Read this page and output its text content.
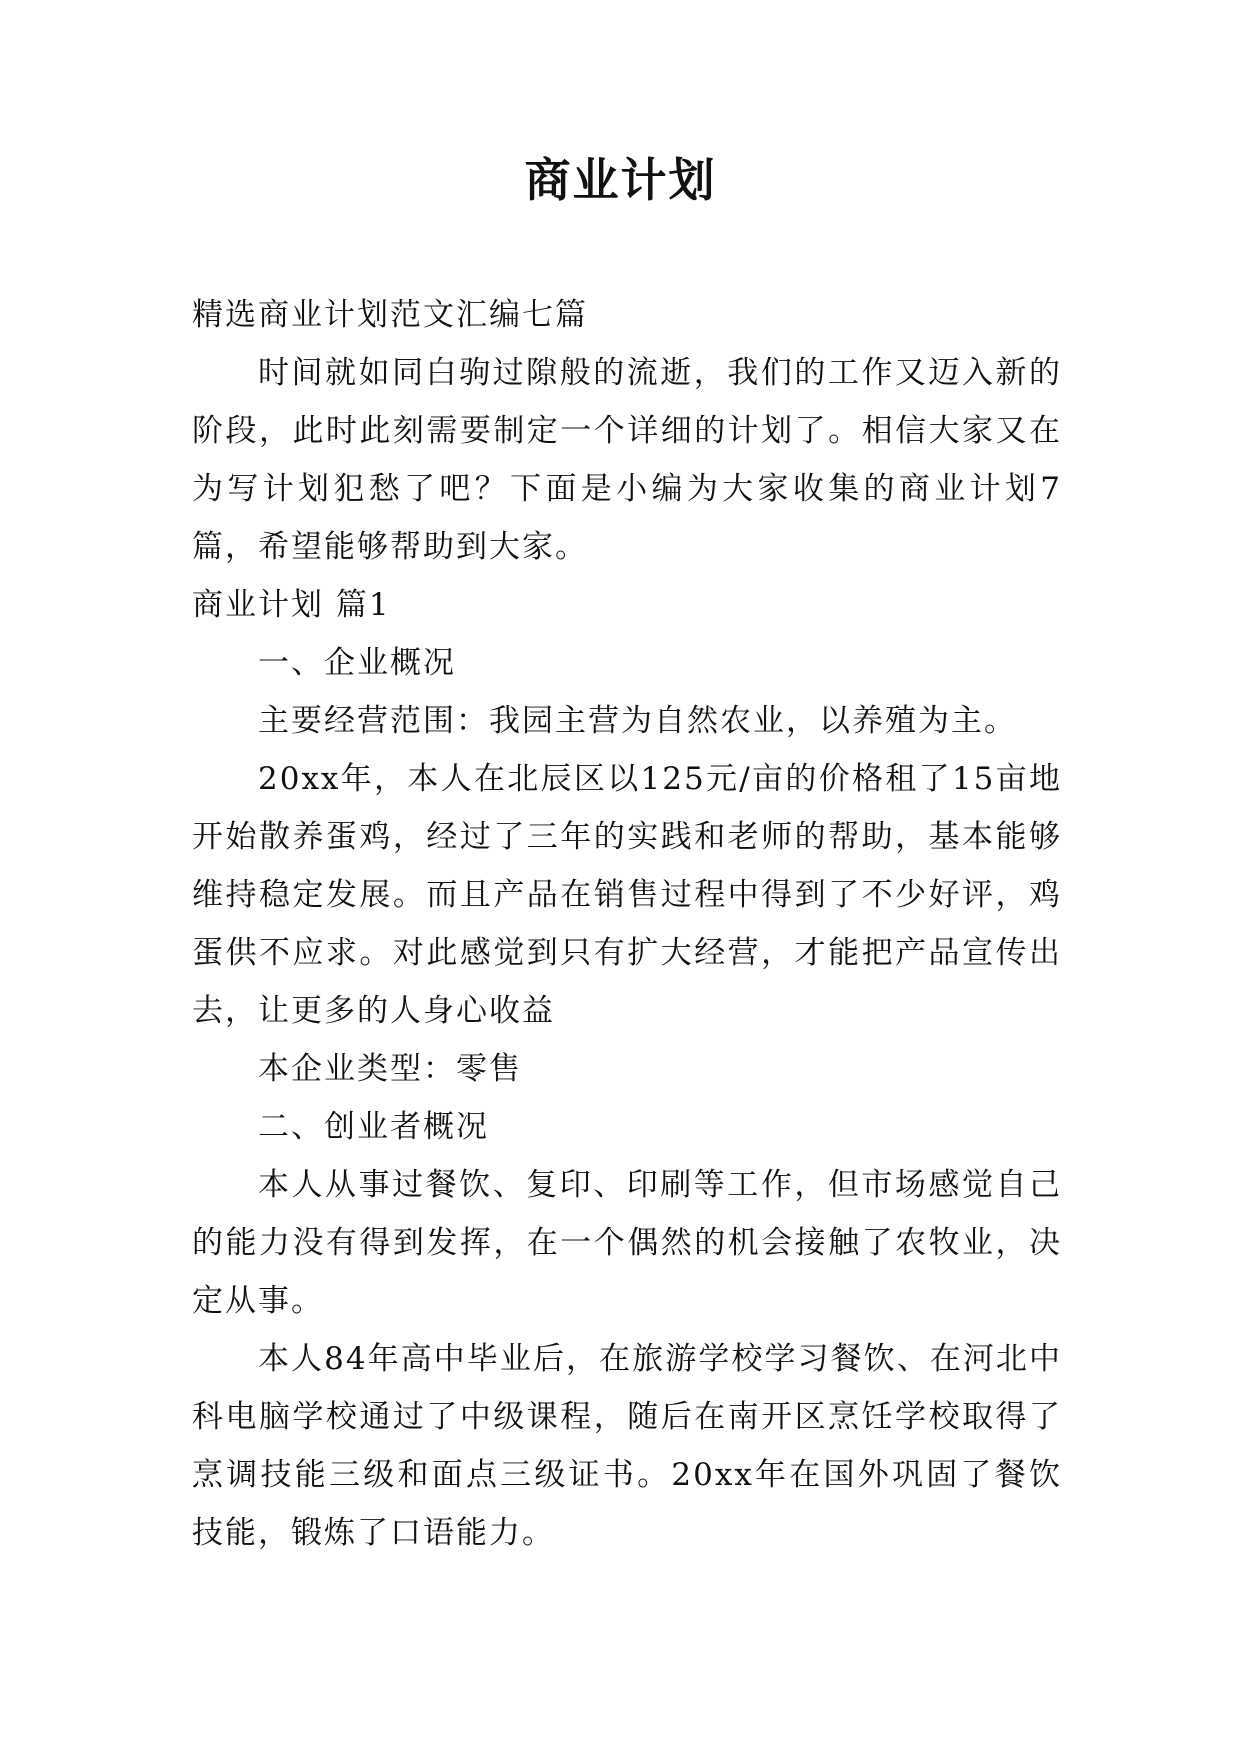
商业计划

精选商业计划范文汇编七篇

时间就如同白驹过隙般的流逝，我们的工作又迈入新的阶段，此时此刻需要制定一个详细的计划了。相信大家又在为写计划犯愁了吧？下面是小编为大家收集的商业计划7篇，希望能够帮助到大家。

商业计划 篇1

一、企业概况

主要经营范围：我园主营为自然农业，以养殖为主。

20xx年，本人在北辰区以125元/亩的价格租了15亩地开始散养蛋鸡，经过了三年的实践和老师的帮助，基本能够维持稳定发展。而且产品在销售过程中得到了不少好评，鸡蛋供不应求。对此感觉到只有扩大经营，才能把产品宣传出去，让更多的人身心收益

本企业类型：零售

二、创业者概况

本人从事过餐饮、复印、印刷等工作，但市场感觉自己的能力没有得到发挥，在一个偶然的机会接触了农牧业，决定从事。

本人84年高中毕业后，在旅游学校学习餐饮、在河北中科电脑学校通过了中级课程，随后在南开区烹饪学校取得了烹调技能三级和面点三级证书。20xx年在国外巩固了餐饮技能，锻炼了口语能力。
